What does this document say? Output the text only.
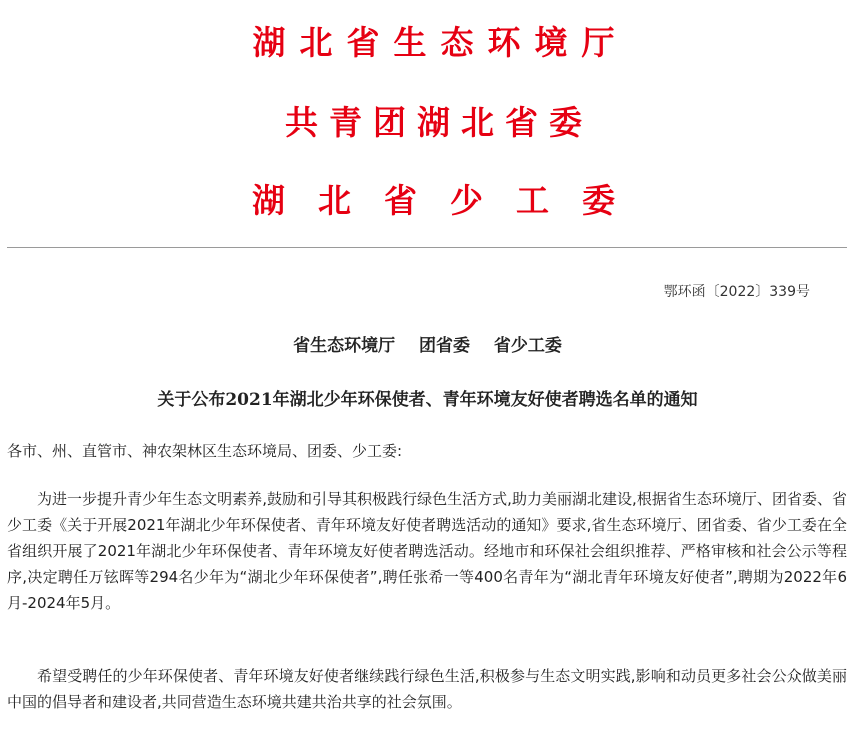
湖北省生态环境厅
共青团湖北省委
湖北省少工委
鄂环函〔2022〕339号
省生态环境厅 团省委 省少工委
关于公布2021年湖北少年环保使者、青年环境友好使者聘选名单的通知
各市、州、直管市、神农架林区生态环境局、团委、少工委:

为进一步提升青少年生态文明素养,鼓励和引导其积极践行绿色生活方式,助力美丽湖北建设,根据省生态环境厅、团省委、省少工委《关于开展2021年湖北少年环保使者、青年环境友好使者聘选活动的通知》要求,省生态环境厅、团省委、省少工委在全省组织开展了2021年湖北少年环保使者、青年环境友好使者聘选活动。经地市和环保社会组织推荐、严格审核和社会公示等程序,决定聘任万铉晖等294名少年为“湖北少年环保使者”,聘任张希一等400名青年为“湖北青年环境友好使者”,聘期为2022年6月-2024年5月。

希望受聘任的少年环保使者、青年环境友好使者继续践行绿色生活,积极参与生态文明实践,影响和动员更多社会公众做美丽中国的倡导者和建设者,共同营造生态环境共建共治共享的社会氛围。
